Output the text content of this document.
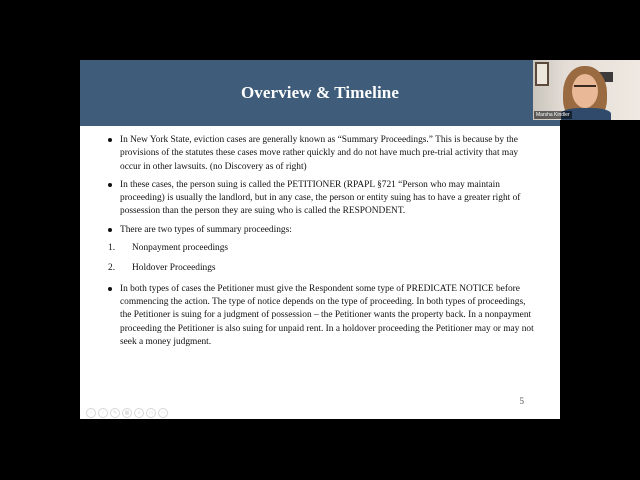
Overview & Timeline
In New York State, eviction cases are generally known as “Summary Proceedings.” This is because by the provisions of the statutes these cases move rather quickly and do not have much pre-trial activity that may occur in other lawsuits. (no Discovery as of right)
In these cases, the person suing is called the PETITIONER (RPAPL §721 “Person who may maintain proceeding) is usually the landlord, but in any case, the person or entity suing has to have a greater right of possession than the person they are suing who is called the RESPONDENT.
There are two types of summary proceedings:
1. Nonpayment proceedings
2. Holdover Proceedings
In both types of cases the Petitioner must give the Respondent some type of PREDICATE NOTICE before commencing the action. The type of notice depends on the type of proceeding. In both types of proceedings, the Petitioner is suing for a judgment of possession – the Petitioner wants the property back. In a nonpayment proceeding the Petitioner is also suing for unpaid rent. In a holdover proceeding the Petitioner may or may not seek a money judgment.
5
‹	›	✎	▦	⌕	▭	⋯
Marsha Kindler
